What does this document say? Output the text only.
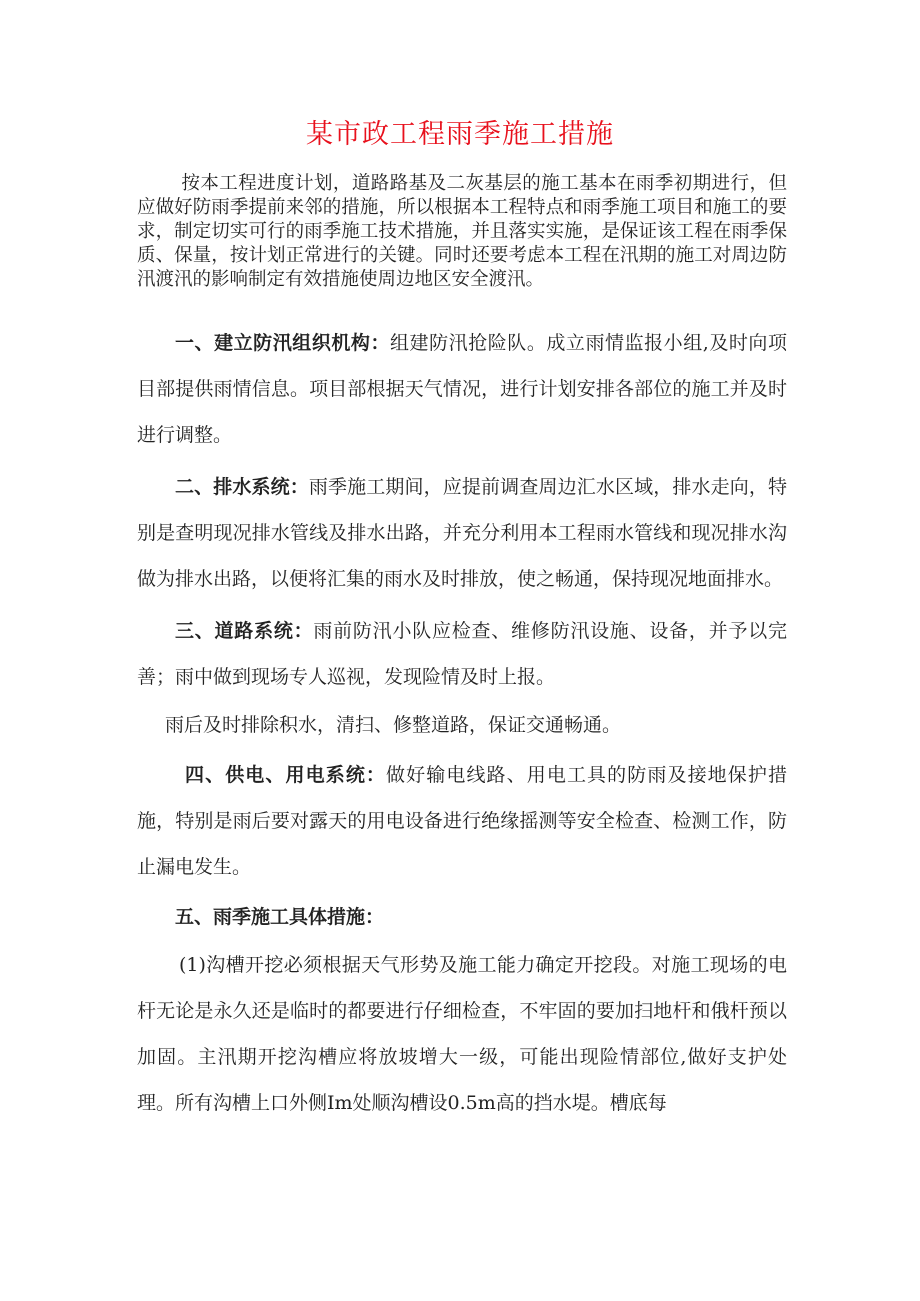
某市政工程雨季施工措施

按本工程进度计划，道路路基及二灰基层的施工基本在雨季初期进行，但应做好防雨季提前来邻的措施，所以根据本工程特点和雨季施工项目和施工的要求，制定切实可行的雨季施工技术措施，并且落实实施，是保证该工程在雨季保质、保量，按计划正常进行的关键。同时还要考虑本工程在汛期的施工对周边防汛渡汛的影响制定有效措施使周边地区安全渡汛。

一、建立防汛组织机构：组建防汛抢险队。成立雨情监报小组,及时向项目部提供雨情信息。项目部根据天气情况，进行计划安排各部位的施工并及时进行调整。

二、排水系统：雨季施工期间，应提前调查周边汇水区域，排水走向，特别是查明现况排水管线及排水出路，并充分利用本工程雨水管线和现况排水沟做为排水出路，以便将汇集的雨水及时排放，使之畅通，保持现况地面排水。

三、道路系统：雨前防汛小队应检查、维修防汛设施、设备，并予以完善；雨中做到现场专人巡视，发现险情及时上报。

雨后及时排除积水，清扫、修整道路，保证交通畅通。

四、供电、用电系统：做好输电线路、用电工具的防雨及接地保护措施，特别是雨后要对露天的用电设备进行绝缘摇测等安全检查、检测工作，防止漏电发生。

五、雨季施工具体措施：

(1)沟槽开挖必须根据天气形势及施工能力确定开挖段。对施工现场的电杆无论是永久还是临时的都要进行仔细检查，不牢固的要加扫地杆和俄杆预以加固。主汛期开挖沟槽应将放坡增大一级，可能出现险情部位,做好支护处理。所有沟槽上口外侧Im处顺沟槽设0.5m高的挡水堤。槽底每
